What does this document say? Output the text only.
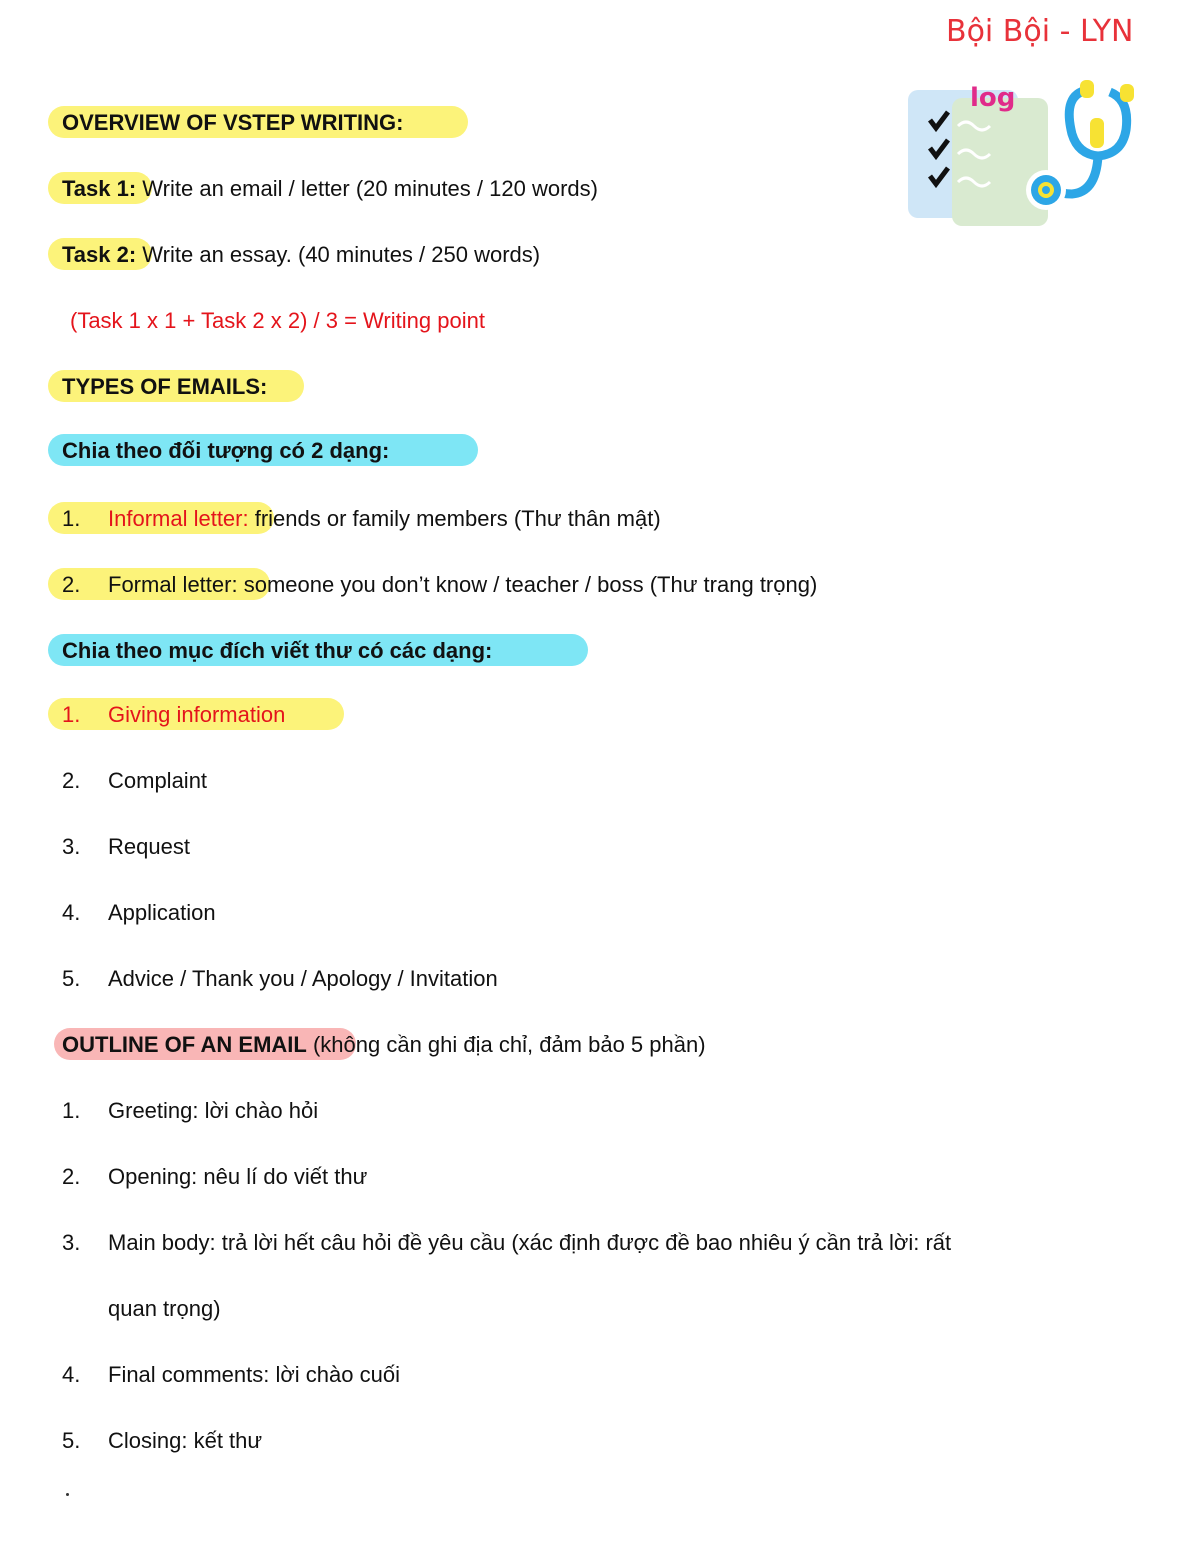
Bội Bội - LYN
log
OVERVIEW OF VSTEP WRITING:
Task 1: Write an email / letter (20 minutes / 120 words)
Task 2: Write an essay. (40 minutes / 250 words)
(Task 1 x 1 + Task 2 x 2) / 3 = Writing point
TYPES OF EMAILS:
Chia theo đối tượng có 2 dạng:
1. Informal letter: friends or family members (Thư thân mật)
2. Formal letter: someone you don’t know / teacher / boss (Thư trang trọng)
Chia theo mục đích viết thư có các dạng:
1. Giving information
2. Complaint
3. Request
4. Application
5. Advice / Thank you / Apology / Invitation
OUTLINE OF AN EMAIL (không cần ghi địa chỉ, đảm bảo 5 phần)
1. Greeting: lời chào hỏi
2. Opening: nêu lí do viết thư
3. Main body: trả lời hết câu hỏi đề yêu cầu (xác định được đề bao nhiêu ý cần trả lời: rất
quan trọng)
4. Final comments: lời chào cuối
5. Closing: kết thư
